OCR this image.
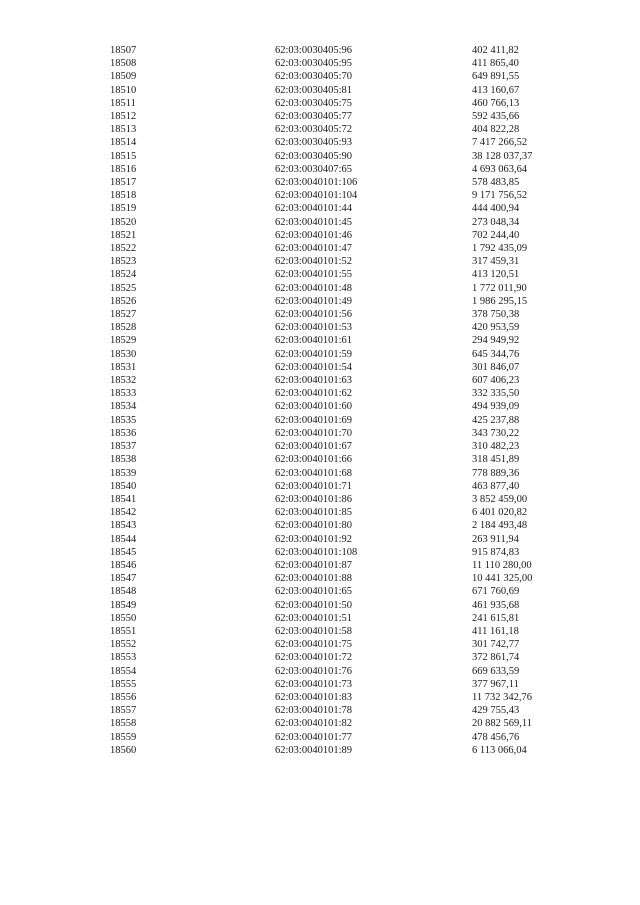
18507	62:03:0030405:96	402 411,82
18508	62:03:0030405:95	411 865,40
18509	62:03:0030405:70	649 891,55
18510	62:03:0030405:81	413 160,67
18511	62:03:0030405:75	460 766,13
18512	62:03:0030405:77	592 435,66
18513	62:03:0030405:72	404 822,28
18514	62:03:0030405:93	7 417 266,52
18515	62:03:0030405:90	38 128 037,37
18516	62:03:0030407:65	4 693 063,64
18517	62:03:0040101:106	578 483,85
18518	62:03:0040101:104	9 171 756,52
18519	62:03:0040101:44	444 400,94
18520	62:03:0040101:45	273 048,34
18521	62:03:0040101:46	702 244,40
18522	62:03:0040101:47	1 792 435,09
18523	62:03:0040101:52	317 459,31
18524	62:03:0040101:55	413 120,51
18525	62:03:0040101:48	1 772 011,90
18526	62:03:0040101:49	1 986 295,15
18527	62:03:0040101:56	378 750,38
18528	62:03:0040101:53	420 953,59
18529	62:03:0040101:61	294 949,92
18530	62:03:0040101:59	645 344,76
18531	62:03:0040101:54	301 846,07
18532	62:03:0040101:63	607 406,23
18533	62:03:0040101:62	332 335,50
18534	62:03:0040101:60	494 939,09
18535	62:03:0040101:69	425 237,88
18536	62:03:0040101:70	343 730,22
18537	62:03:0040101:67	310 482,23
18538	62:03:0040101:66	318 451,89
18539	62:03:0040101:68	778 889,36
18540	62:03:0040101:71	463 877,40
18541	62:03:0040101:86	3 852 459,00
18542	62:03:0040101:85	6 401 020,82
18543	62:03:0040101:80	2 184 493,48
18544	62:03:0040101:92	263 911,94
18545	62:03:0040101:108	915 874,83
18546	62:03:0040101:87	11 110 280,00
18547	62:03:0040101:88	10 441 325,00
18548	62:03:0040101:65	671 760,69
18549	62:03:0040101:50	461 935,68
18550	62:03:0040101:51	241 615,81
18551	62:03:0040101:58	411 161,18
18552	62:03:0040101:75	301 742,77
18553	62:03:0040101:72	372 861,74
18554	62:03:0040101:76	669 633,59
18555	62:03:0040101:73	377 967,11
18556	62:03:0040101:83	11 732 342,76
18557	62:03:0040101:78	429 755,43
18558	62:03:0040101:82	20 882 569,11
18559	62:03:0040101:77	478 456,76
18560	62:03:0040101:89	6 113 066,04
